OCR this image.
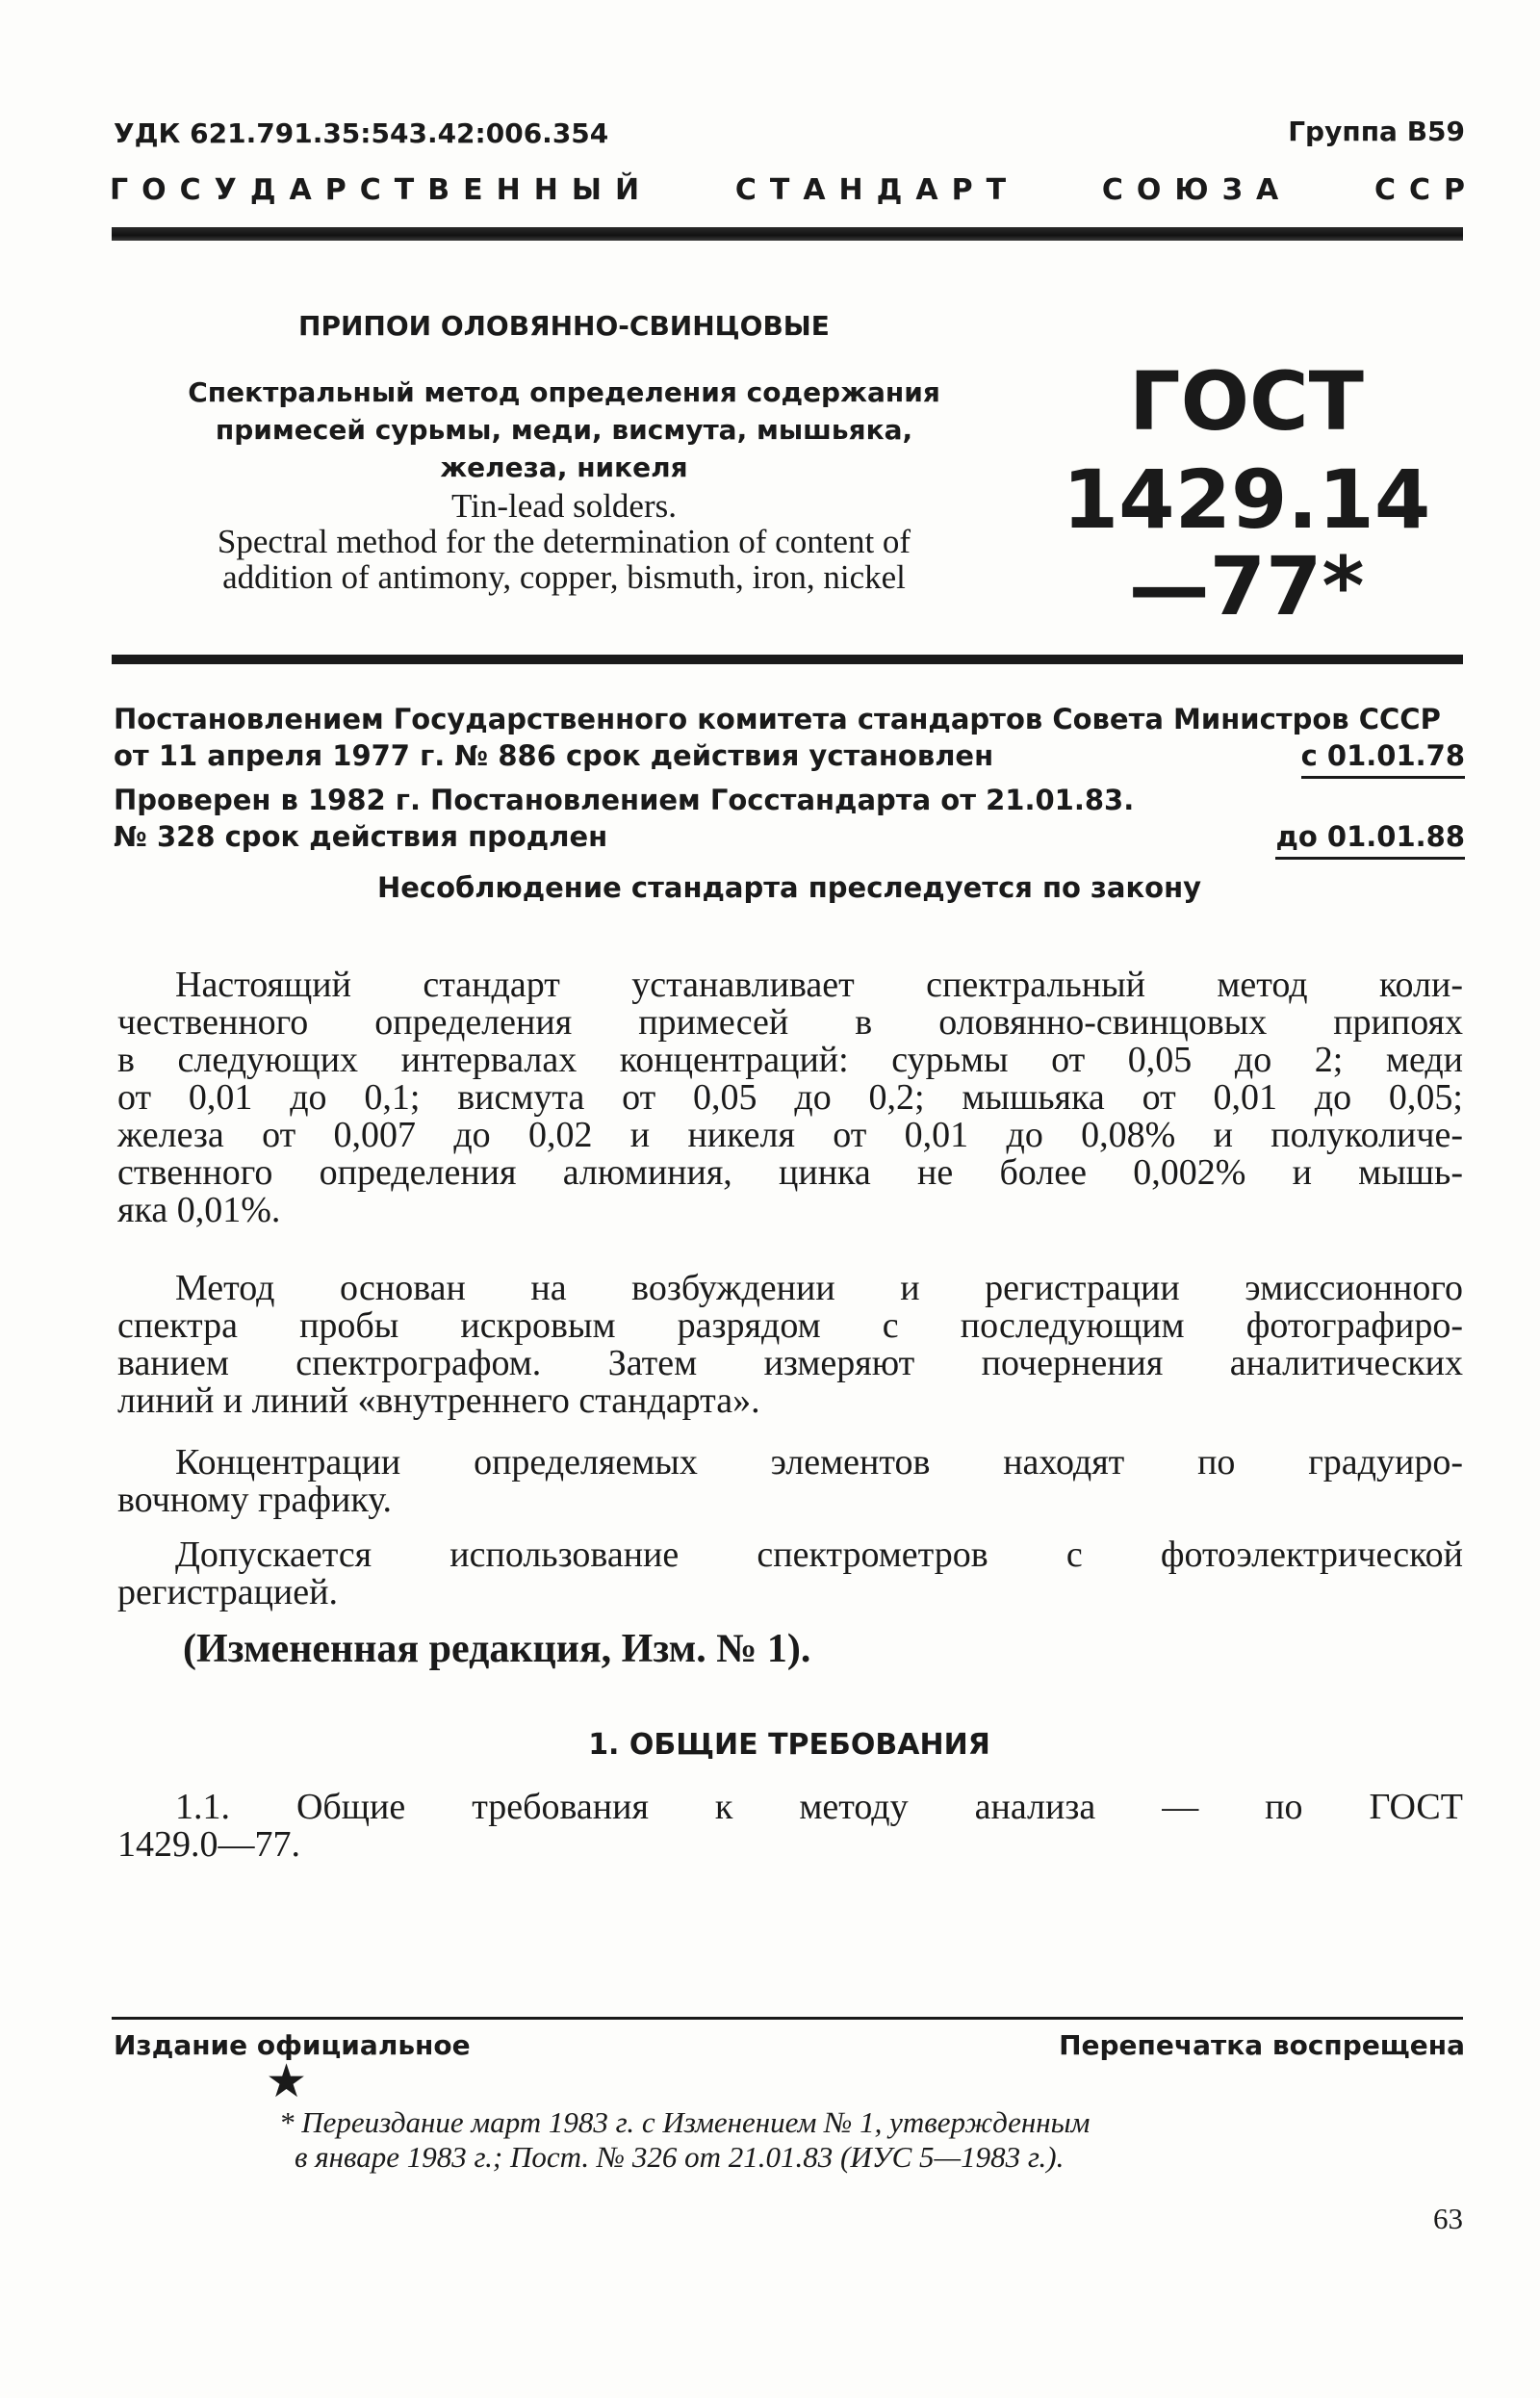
УДК 621.791.35:543.42:006.354	Группа В59
Г О С У Д А Р С Т В Е Н Н Ы Й	С Т А Н Д А Р Т	С О Ю З А	С С Р
ПРИПОИ ОЛОВЯННО-СВИНЦОВЫЕ
Спектральный метод определения содержания
примесей сурьмы, меди, висмута, мышьяка,
железа, никеля
Tin-lead solders.
Spectral method for the determination of content of
addition of antimony, copper, bismuth, iron, nickel
ГОСТ
1429.14—77*
Постановлением Государственного комитета стандартов Совета Министров СССР
от 11 апреля 1977 г. № 886 срок действия установлен	с 01.01.78
Проверен в 1982 г. Постановлением Госстандарта от 21.01.83.
№ 328 срок действия продлен	до 01.01.88
Несоблюдение стандарта преследуется по закону

Настоящий стандарт устанавливает спектральный метод коли-

чественного определения примесей в оловянно-свинцовых припоях

в следующих интервалах концентраций: сурьмы от 0,05 до 2; меди

от 0,01 до 0,1; висмута от 0,05 до 0,2; мышьяка от 0,01 до 0,05;

железа от 0,007 до 0,02 и никеля от 0,01 до 0,08% и полуколиче-

ственного определения алюминия, цинка не более 0,002% и мышь-

яка 0,01%.

Метод основан на возбуждении и регистрации эмиссионного

спектра пробы искровым разрядом с последующим фотографиро-

ванием спектрографом. Затем измеряют почернения аналитических

линий и линий «внутреннего стандарта».

Концентрации определяемых элементов находят по градуиро-

вочному графику.

Допускается использование спектрометров с фотоэлектрической

регистрацией.

(Измененная редакция, Изм. № 1).
1. ОБЩИЕ ТРЕБОВАНИЯ

1.1. Общие требования к методу анализа — по ГОСТ

1429.0—77.

Издание официальное	Перепечатка воспрещена
★
* Переиздание март 1983 г. с Изменением № 1, утвержденным
в январе 1983 г.; Пост. № 326 от 21.01.83 (ИУС 5—1983 г.).
63
